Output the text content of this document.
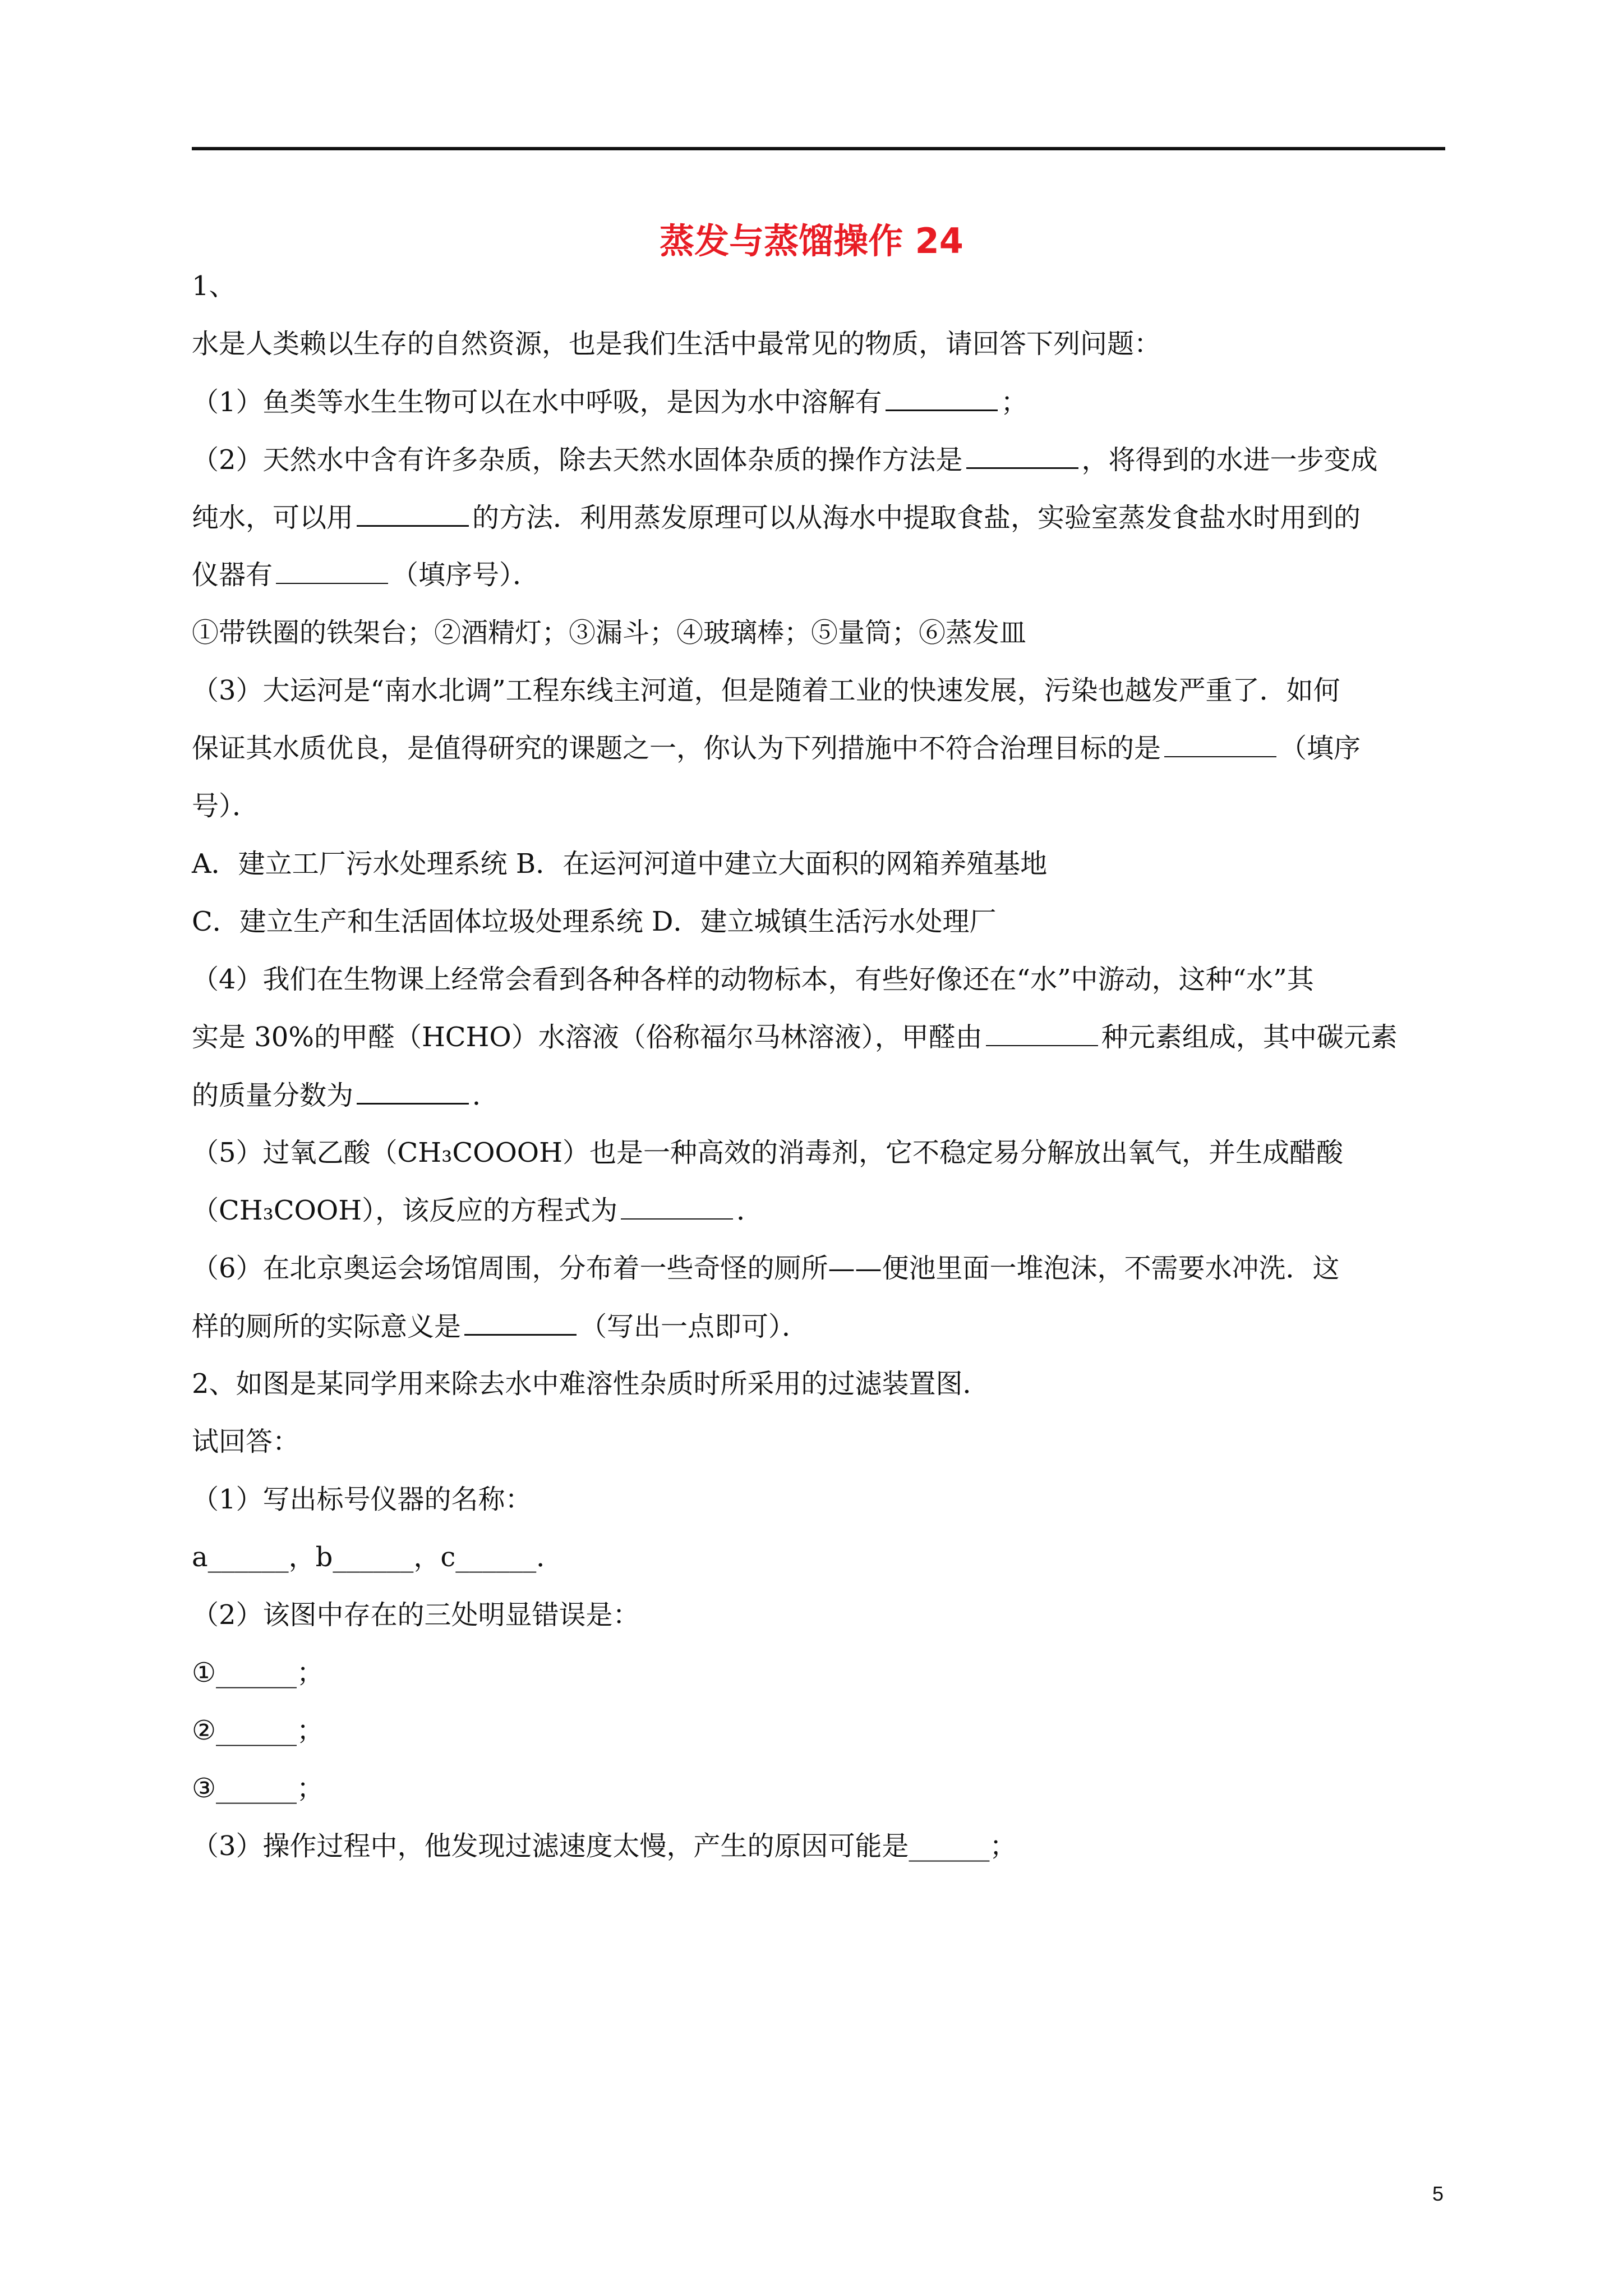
蒸发与蒸馏操作 24
1、
水是人类赖以生存的自然资源，也是我们生活中最常见的物质，请回答下列问题：
（1）鱼类等水生生物可以在水中呼吸，是因为水中溶解有	；
（2）天然水中含有许多杂质，除去天然水固体杂质的操作方法是	，将得到的水进一步变成
纯水，可以用	的方法．利用蒸发原理可以从海水中提取食盐，实验室蒸发食盐水时用到的
仪器有	（填序号）．
①带铁圈的铁架台；②酒精灯；③漏斗；④玻璃棒；⑤量筒；⑥蒸发皿
（3）大运河是“南水北调”工程东线主河道，但是随着工业的快速发展，污染也越发严重了．如何
保证其水质优良，是值得研究的课题之一，你认为下列措施中不符合治理目标的是	（填序
号）．
A．建立工厂污水处理系统 B．在运河河道中建立大面积的网箱养殖基地
C．建立生产和生活固体垃圾处理系统 D．建立城镇生活污水处理厂
（4）我们在生物课上经常会看到各种各样的动物标本，有些好像还在“水”中游动，这种“水”其
实是 30%的甲醛（HCHO）水溶液（俗称福尔马林溶液），甲醛由	种元素组成，其中碳元素
的质量分数为	．
（5）过氧乙酸（CH₃COOOH）也是一种高效的消毒剂，它不稳定易分解放出氧气，并生成醋酸
（CH₃COOH），该反应的方程式为	．
（6）在北京奥运会场馆周围，分布着一些奇怪的厕所——便池里面一堆泡沫，不需要水冲洗．这
样的厕所的实际意义是	（写出一点即可）．
2、如图是某同学用来除去水中难溶性杂质时所采用的过滤装置图．
试回答：
（1）写出标号仪器的名称：
a______，b______，c______．
（2）该图中存在的三处明显错误是：
①______；
②______；
③______；
（3）操作过程中，他发现过滤速度太慢，产生的原因可能是______；
5
